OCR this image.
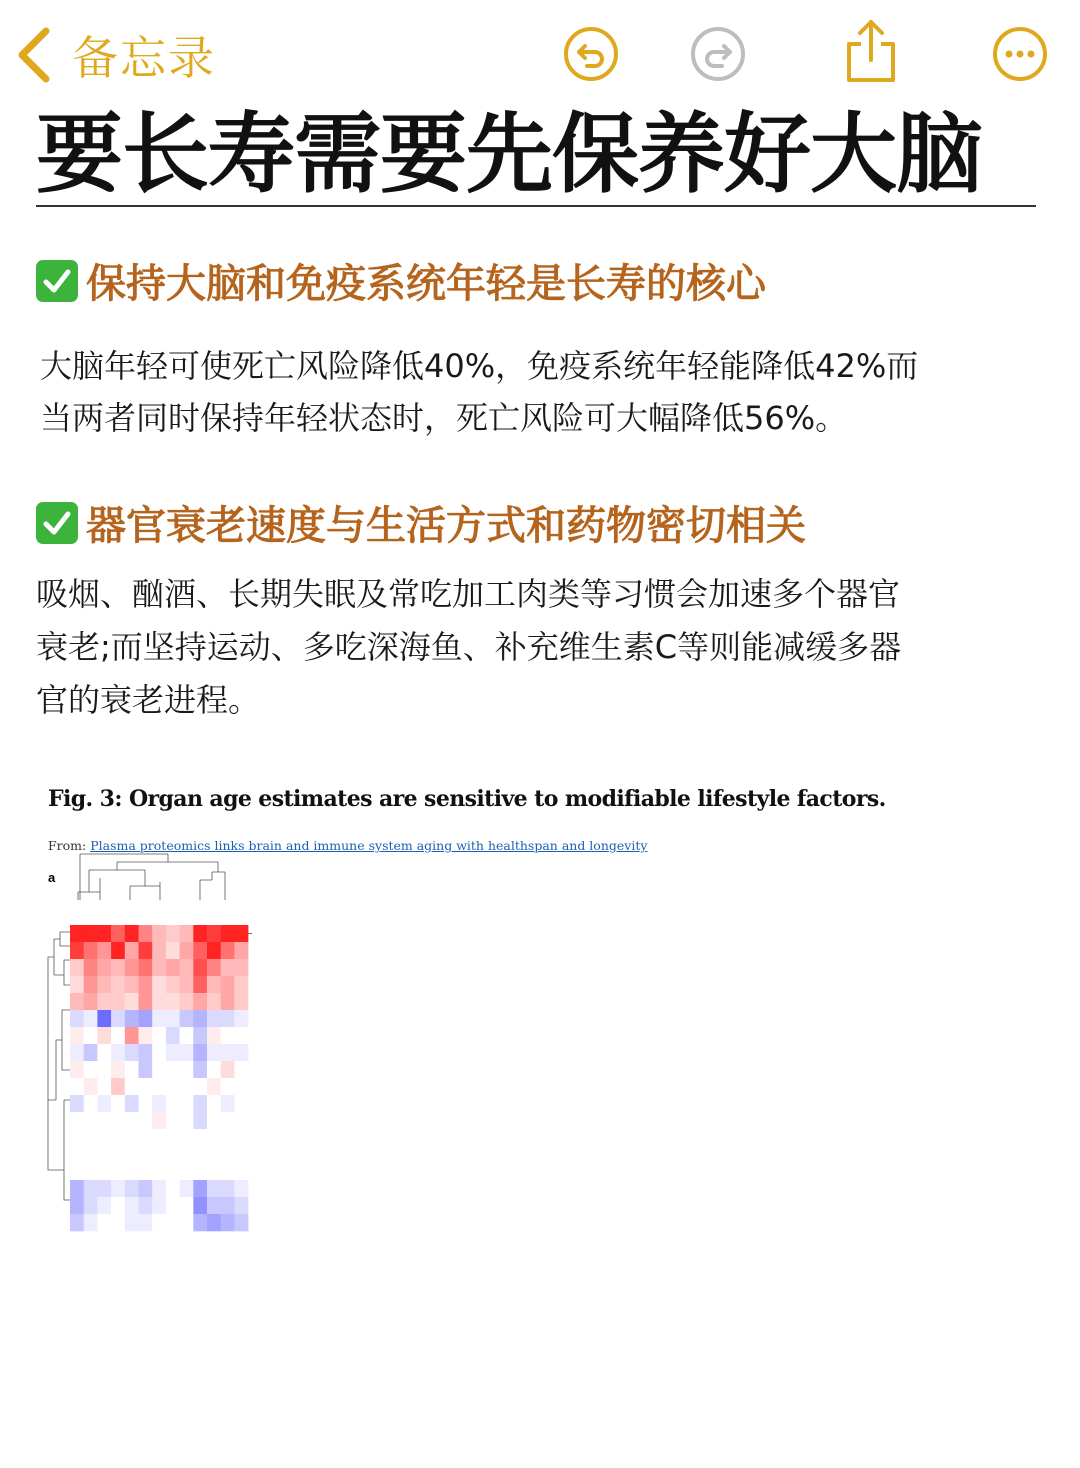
备忘录
要长寿需要先保养好大脑
保持大脑和免疫系统年轻是长寿的核心
大脑年轻可使死亡风险降低40%，免疫系统年轻能降低42%而
当两者同时保持年轻状态时，死亡风险可大幅降低56%。
器官衰老速度与生活方式和药物密切相关
吸烟、酗酒、长期失眠及常吃加工肉类等习惯会加速多个器官
衰老;而坚持运动、多吃深海鱼、补充维生素C等则能减缓多器
官的衰老进程。
Fig. 3: Organ age estimates are sensitive to modifiable lifestyle factors.
From: Plasma proteomics links brain and immune system aging with healthspan and longevity
a
